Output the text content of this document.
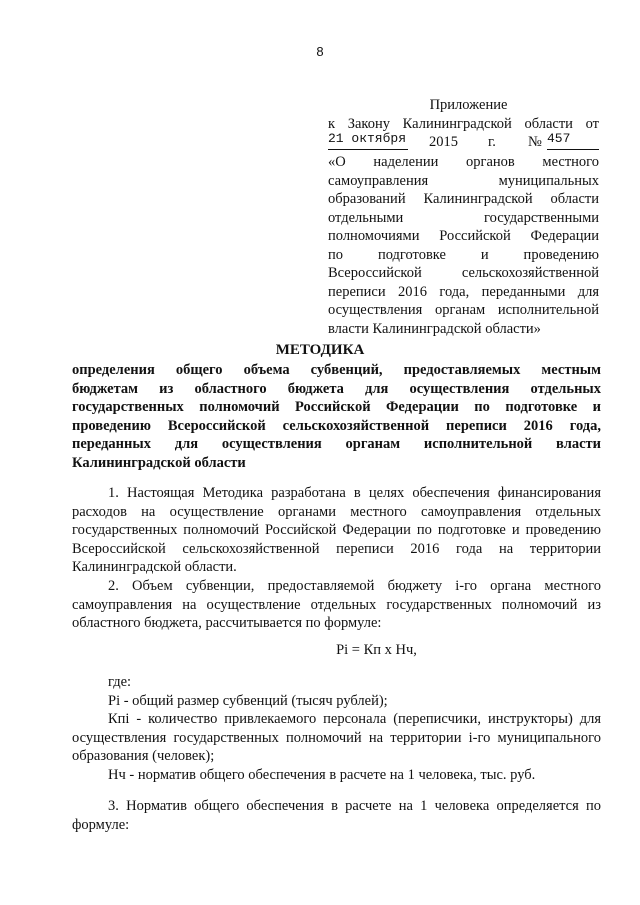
8
Приложение
к Закону Калининградской области от
21 октября 2015 г. № 457
«О наделении органов местного
самоуправления муниципальных
образований Калининградской области
отдельными государственными
полномочиями Российской Федерации
по подготовке и проведению
Всероссийской сельскохозяйственной
переписи 2016 года, переданными для
осуществления органам исполнительной
власти Калининградской области»
МЕТОДИКА
определения общего объема субвенций, предоставляемых местным
бюджетам из областного бюджета для осуществления отдельных
государственных полномочий Российской Федерации по подготовке и
проведению Всероссийской сельскохозяйственной переписи 2016 года,
переданных для осуществления органам исполнительной власти
Калининградской области
1. Настоящая Методика разработана в целях обеспечения финансирования
расходов на осуществление органами местного самоуправления отдельных
государственных полномочий Российской Федерации по подготовке и проведению
Всероссийской сельскохозяйственной переписи 2016 года на территории
Калининградской области.
2. Объем субвенции, предоставляемой бюджету i-го органа местного
самоуправления на осуществление отдельных государственных полномочий из
областного бюджета, рассчитывается по формуле:
Pi = Кп х Нч,
где:
Pi - общий размер субвенций (тысяч рублей);
Кпi - количество привлекаемого персонала (переписчики, инструкторы) для
осуществления государственных полномочий на территории i-го муниципального
образования (человек);
Нч - норматив общего обеспечения в расчете на 1 человека, тыс. руб.
3. Норматив общего обеспечения в расчете на 1 человека определяется по
формуле:
